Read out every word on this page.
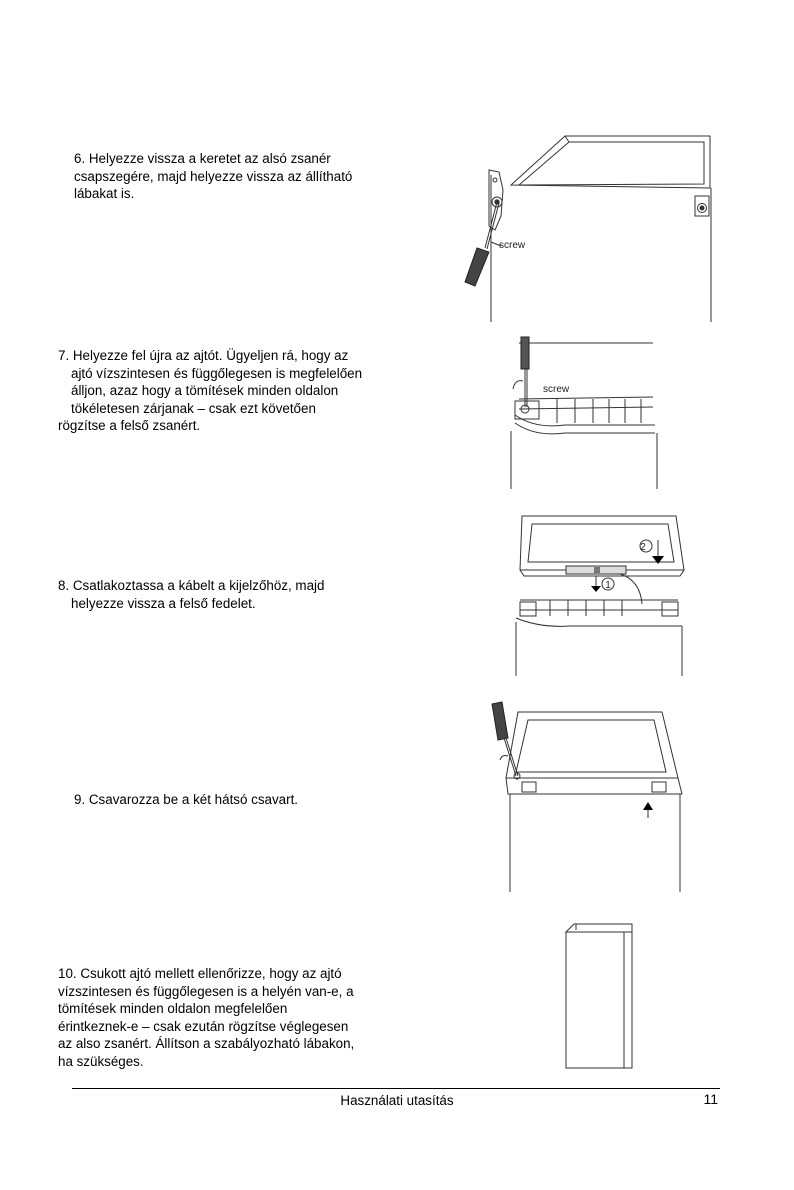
6. Helyezze vissza a keretet az alsó zsanér

csapszegére, majd helyezze vissza az állítható

lábakat is.

7. Helyezze fel újra az ajtót. Ügyeljen rá, hogy az

ajtó vízszintesen és függőlegesen is megfelelően

álljon, azaz hogy a tömítések minden oldalon

tökéletesen zárjanak – csak ezt követően

rögzítse a felső zsanért.

8. Csatlakoztassa a kábelt a kijelzőhöz, majd

helyezze vissza a felső fedelet.

9. Csavarozza be a két hátsó csavart.

10. Csukott ajtó mellett ellenőrizze, hogy az ajtó

vízszintesen és függőlegesen is a helyén van-e, a

tömítések minden oldalon megfelelően

érintkeznek-e – csak ezután rögzítse véglegesen

az also zsanért. Állítson a szabályozható lábakon,

ha szükséges.

screw
screw
2
1
Használati utasítás	11
